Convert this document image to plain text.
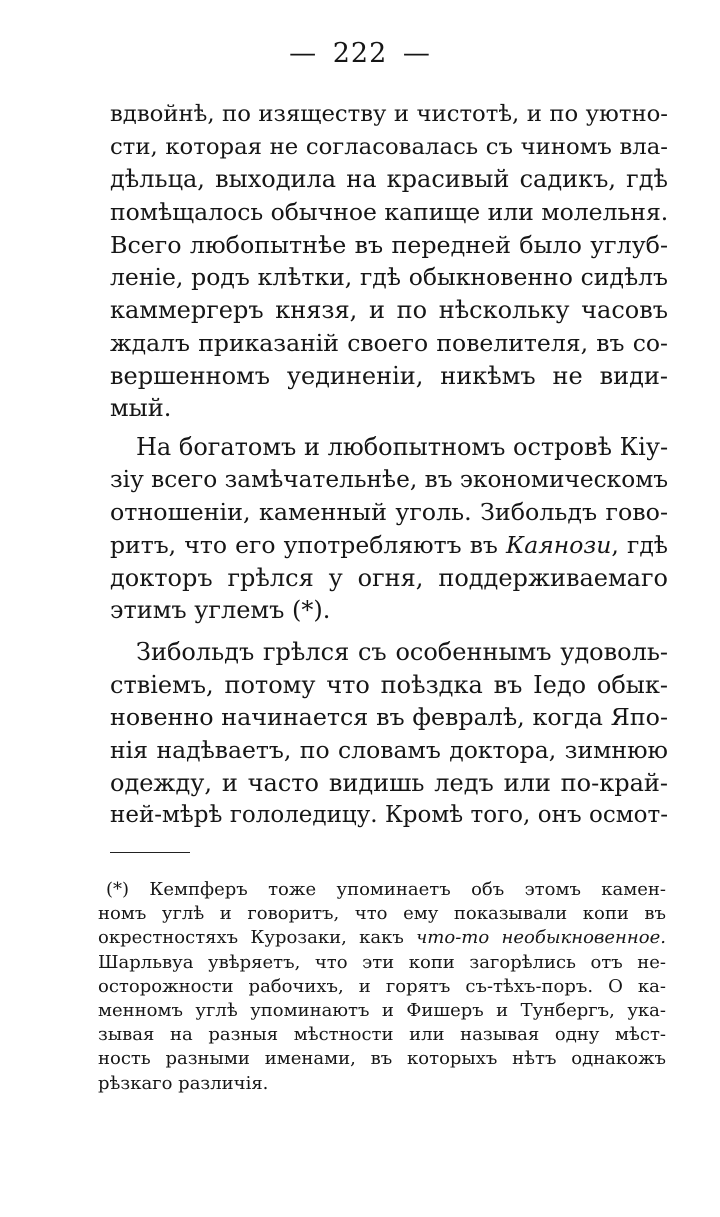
— 222 —
вдвойнѣ, по изяществу и чистотѣ, и по уютно-
сти, которая не согласовалась съ чиномъ вла-
дѣльца, выходила на красивый садикъ, гдѣ
помѣщалось обычное капище или молельня.
Всего любопытнѣе въ передней было углуб-
леніе, родъ клѣтки, гдѣ обыкновенно сидѣлъ
каммергеръ князя, и по нѣскольку часовъ
ждалъ приказаній своего повелителя, въ со-
вершенномъ уединеніи, никѣмъ не види-
мый.
На богатомъ и любопытномъ островѣ Кіу-
зіу всего замѣчательнѣе, въ экономическомъ
отношеніи, каменный уголь. Зибольдъ гово-
ритъ, что его употребляютъ въ Каянози, гдѣ
докторъ грѣлся у огня, поддерживаемаго
этимъ углемъ (*).
Зибольдъ грѣлся съ особеннымъ удоволь-
ствіемъ, потому что поѣздка въ Іедо обык-
новенно начинается въ февралѣ, когда Япо-
нія надѣваетъ, по словамъ доктора, зимнюю
одежду, и часто видишь ледъ или по-край-
ней-мѣрѣ гололедицу. Кромѣ того, онъ осмот-
(*) Кемпферъ тоже упоминаетъ объ этомъ камен-
номъ углѣ и говоритъ, что ему показывали копи въ
окрестностяхъ Курозаки, какъ что-то необыкновенное.
Шарльвуа увѣряетъ, что эти копи загорѣлись отъ не-
осторожности рабочихъ, и горятъ съ-тѣхъ-поръ. О ка-
менномъ углѣ упоминаютъ и Фишеръ и Тунбергъ, ука-
зывая на разныя мѣстности или называя одну мѣст-
ность разными именами, въ которыхъ нѣтъ однакожъ
рѣзкаго различія.
